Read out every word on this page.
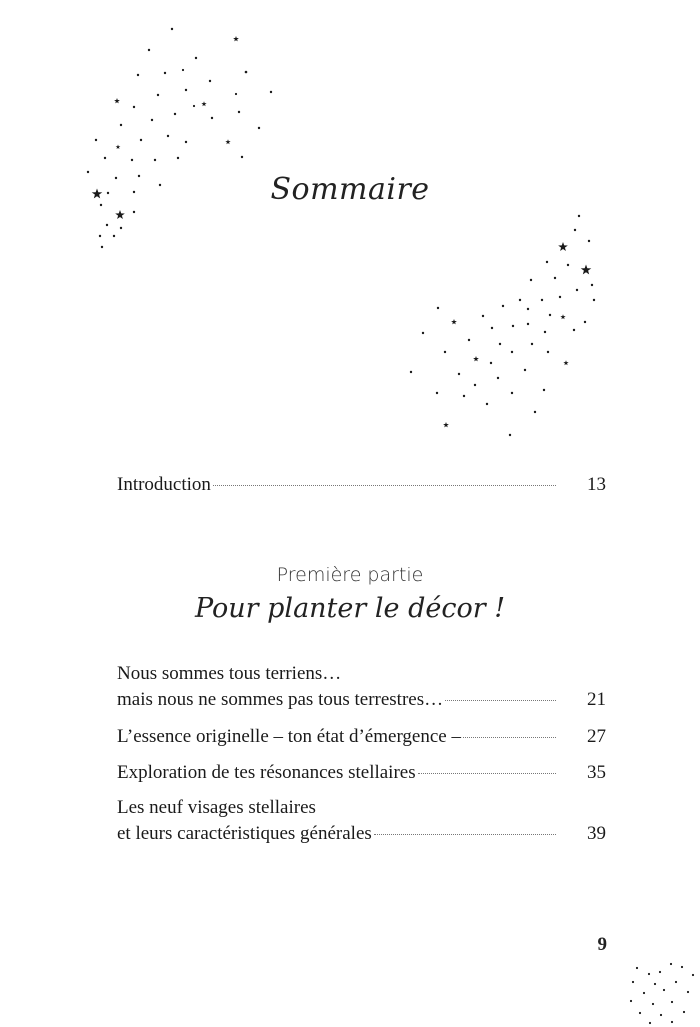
Sommaire
Introduction	13
Première partie
Pour planter le décor !
Nous sommes tous terriens…
mais nous ne sommes pas tous terrestres…	21
L’essence originelle – ton état d’émergence –	27
Exploration de tes résonances stellaires	35
Les neuf visages stellaires
et leurs caractéristiques générales	39
9
